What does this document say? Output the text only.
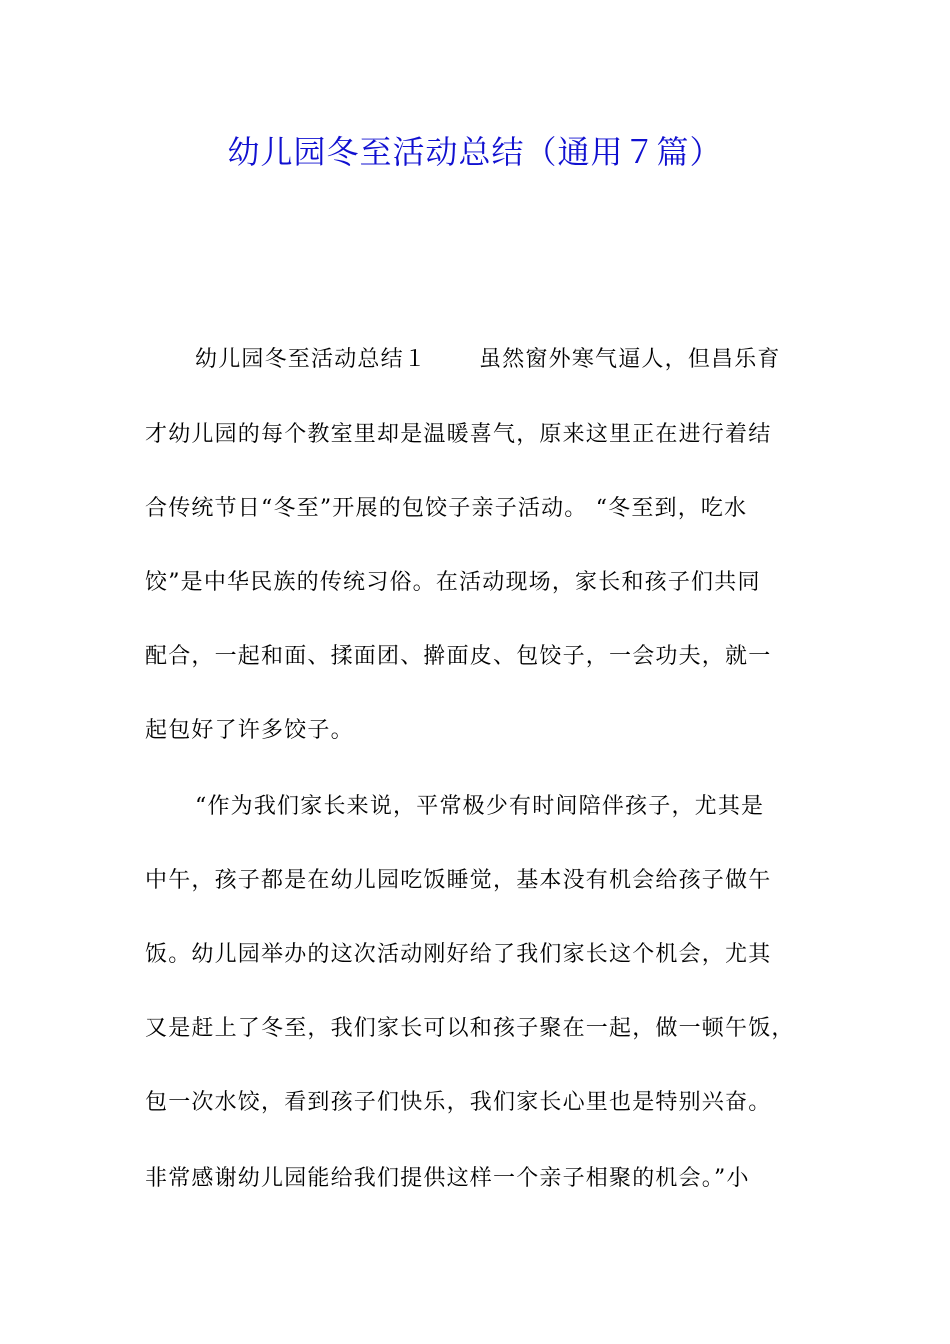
幼儿园冬至活动总结（通用７篇）

幼儿园冬至活动总结１ 虽然窗外寒气逼人，但昌乐育

才幼儿园的每个教室里却是温暖喜气，原来这里正在进行着结

合传统节日“冬至”开展的包饺子亲子活动。 “冬至到，吃水

饺”是中华民族的传统习俗。在活动现场，家长和孩子们共同

配合，一起和面、揉面团、擀面皮、包饺子，一会功夫，就一

起包好了许多饺子。

“作为我们家长来说，平常极少有时间陪伴孩子，尤其是

中午，孩子都是在幼儿园吃饭睡觉，基本没有机会给孩子做午

饭。幼儿园举办的这次活动刚好给了我们家长这个机会，尤其

又是赶上了冬至，我们家长可以和孩子聚在一起，做一顿午饭，

包一次水饺，看到孩子们快乐，我们家长心里也是特别兴奋。

非常感谢幼儿园能给我们提供这样一个亲子相聚的机会。”小
